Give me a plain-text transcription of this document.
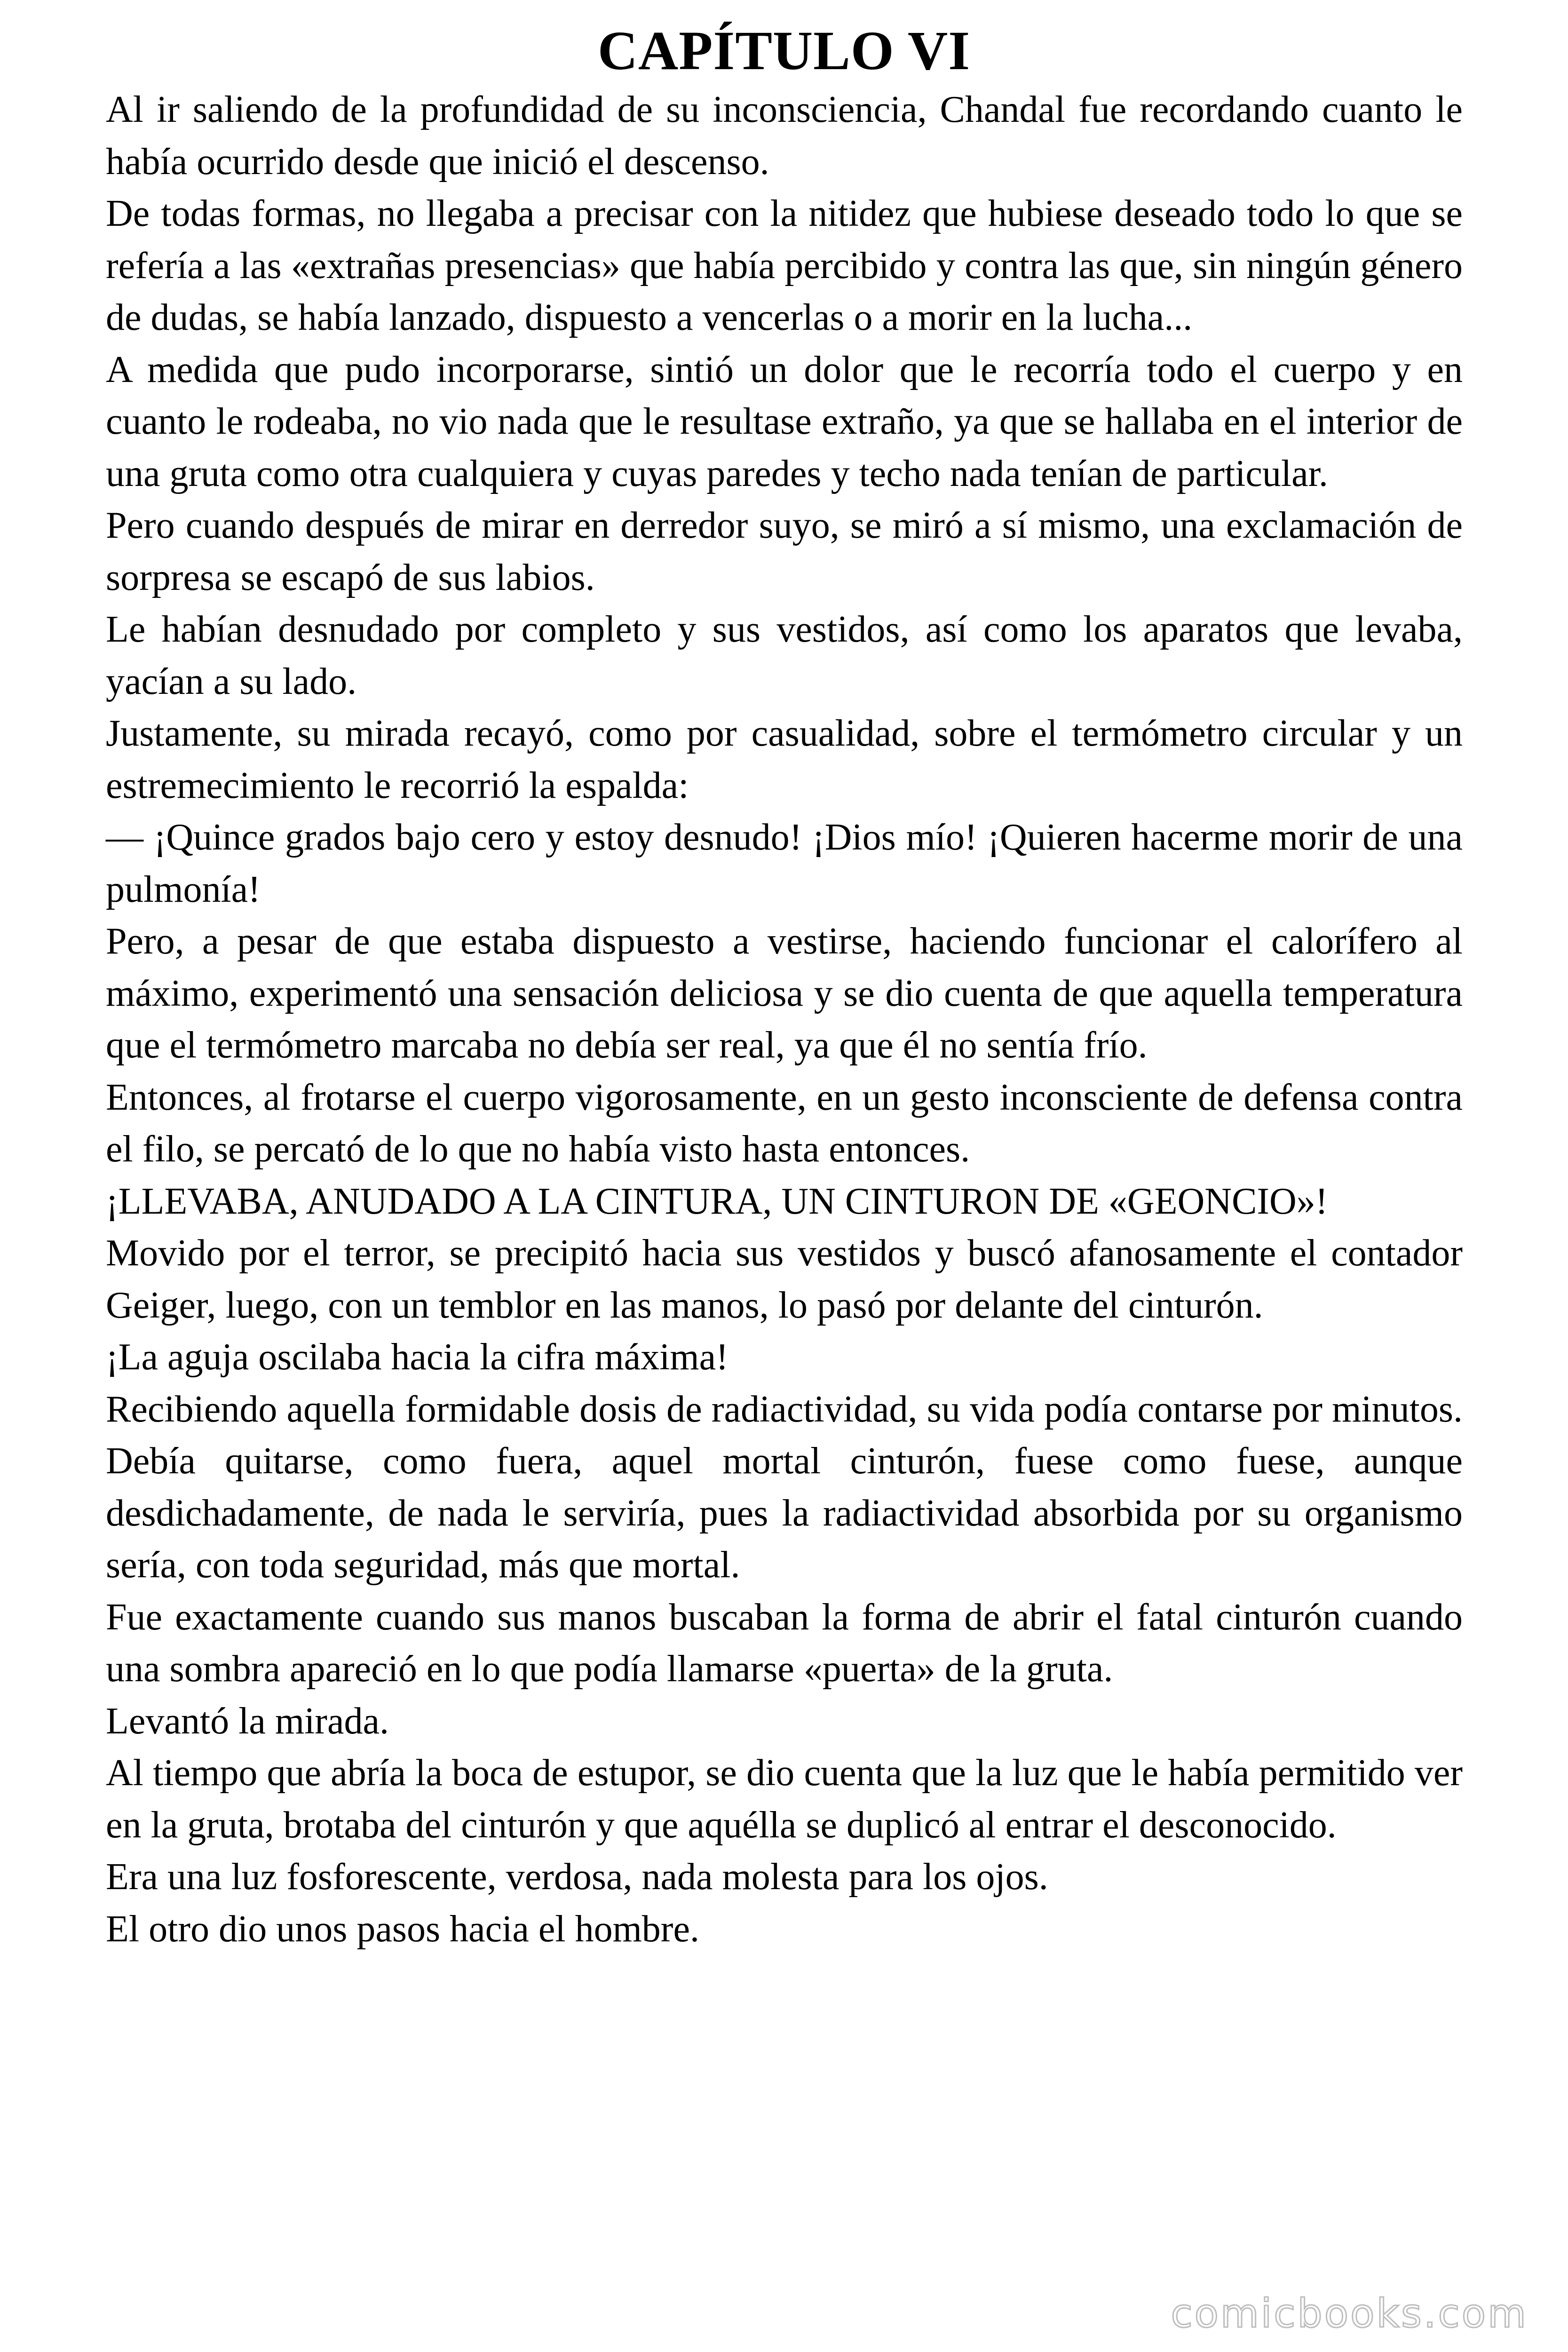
CAPÍTULO VI

Al ir saliendo de la profundidad de su inconsciencia, Chandal fue recordando cuanto le había ocurrido desde que inició el descenso.

De todas formas, no llegaba a precisar con la nitidez que hubiese deseado todo lo que se refería a las «extrañas presencias» que había percibido y contra las que, sin ningún género de dudas, se había lanzado, dispuesto a vencerlas o a morir en la lucha...

A medida que pudo incorporarse, sintió un dolor que le recorría todo el cuerpo y en cuanto le rodeaba, no vio nada que le resultase extraño, ya que se hallaba en el interior de una gruta como otra cualquiera y cuyas paredes y techo nada tenían de particular.

Pero cuando después de mirar en derredor suyo, se miró a sí mismo, una exclamación de sorpresa se escapó de sus labios.

Le habían desnudado por completo y sus vestidos, así como los aparatos que levaba, yacían a su lado.

Justamente, su mirada recayó, como por casualidad, sobre el termómetro circular y un estremecimiento le recorrió la espalda:

— ¡Quince grados bajo cero y estoy desnudo! ¡Dios mío! ¡Quieren hacerme morir de una pulmonía!

Pero, a pesar de que estaba dispuesto a vestirse, haciendo funcionar el calorífero al máximo, experimentó una sensación deliciosa y se dio cuenta de que aquella temperatura que el termómetro marcaba no debía ser real, ya que él no sentía frío.

Entonces, al frotarse el cuerpo vigorosamente, en un gesto inconsciente de defensa contra el filo, se percató de lo que no había visto hasta entonces.

¡LLEVABA, ANUDADO A LA CINTURA, UN CINTURON DE «GEONCIO»!

Movido por el terror, se precipitó hacia sus vestidos y buscó afanosamente el contador Geiger, luego, con un temblor en las manos, lo pasó por delante del cinturón.

¡La aguja oscilaba hacia la cifra máxima!

Recibiendo aquella formidable dosis de radiactividad, su vida podía contarse por minutos. Debía quitarse, como fuera, aquel mortal cinturón, fuese como fuese, aunque desdichadamente, de nada le serviría, pues la radiactividad absorbida por su organismo sería, con toda seguridad, más que mortal.

Fue exactamente cuando sus manos buscaban la forma de abrir el fatal cinturón cuando una sombra apareció en lo que podía llamarse «puerta» de la gruta.

Levantó la mirada.

Al tiempo que abría la boca de estupor, se dio cuenta que la luz que le había permitido ver en la gruta, brotaba del cinturón y que aquélla se duplicó al entrar el desconocido.

Era una luz fosforescente, verdosa, nada molesta para los ojos.

El otro dio unos pasos hacia el hombre.

comicbooks.com
